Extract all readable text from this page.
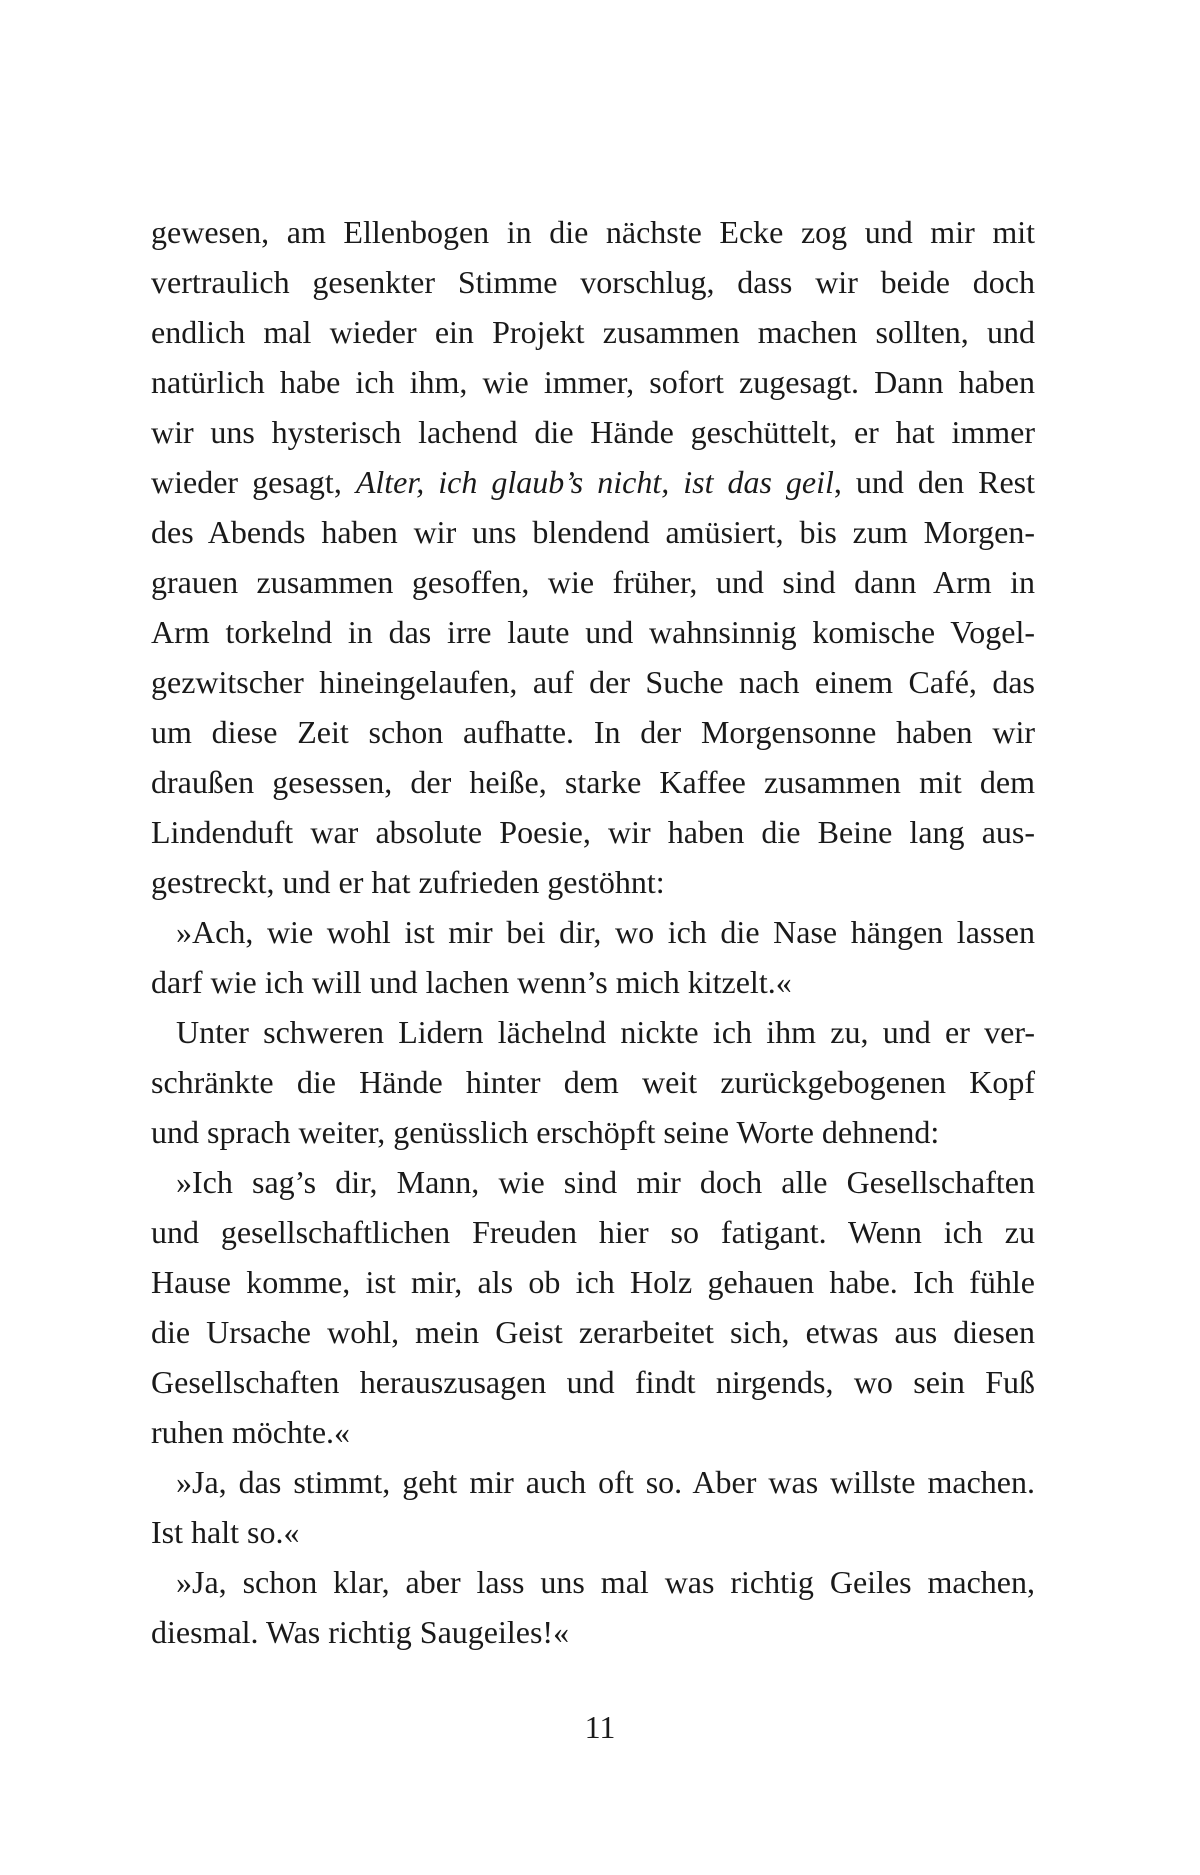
gewesen, am Ellenbogen in die nächste Ecke zog und mir mit
vertraulich gesenkter Stimme vorschlug, dass wir beide doch
endlich mal wieder ein Projekt zusammen machen sollten, und
natürlich habe ich ihm, wie immer, sofort zugesagt. Dann haben
wir uns hysterisch lachend die Hände geschüttelt, er hat immer
wieder gesagt, Alter, ich glaub’s nicht, ist das geil, und den Rest
des Abends haben wir uns blendend amüsiert, bis zum Morgen-
grauen zusammen gesoffen, wie früher, und sind dann Arm in
Arm torkelnd in das irre laute und wahnsinnig komische Vogel-
gezwitscher hineingelaufen, auf der Suche nach einem Café, das
um diese Zeit schon aufhatte. In der Morgensonne haben wir
draußen gesessen, der heiße, starke Kaffee zusammen mit dem
Lindenduft war absolute Poesie, wir haben die Beine lang aus-
gestreckt, und er hat zufrieden gestöhnt:
»Ach, wie wohl ist mir bei dir, wo ich die Nase hängen lassen
darf wie ich will und lachen wenn’s mich kitzelt.«
Unter schweren Lidern lächelnd nickte ich ihm zu, und er ver-
schränkte die Hände hinter dem weit zurückgebogenen Kopf
und sprach weiter, genüsslich erschöpft seine Worte dehnend:
»Ich sag’s dir, Mann, wie sind mir doch alle Gesellschaften
und gesellschaftlichen Freuden hier so fatigant. Wenn ich zu
Hause komme, ist mir, als ob ich Holz gehauen habe. Ich fühle
die Ursache wohl, mein Geist zerarbeitet sich, etwas aus diesen
Gesellschaften herauszusagen und findt nirgends, wo sein Fuß
ruhen möchte.«
»Ja, das stimmt, geht mir auch oft so. Aber was willste machen.
Ist halt so.«
»Ja, schon klar, aber lass uns mal was richtig Geiles machen,
diesmal. Was richtig Saugeiles!«
11
